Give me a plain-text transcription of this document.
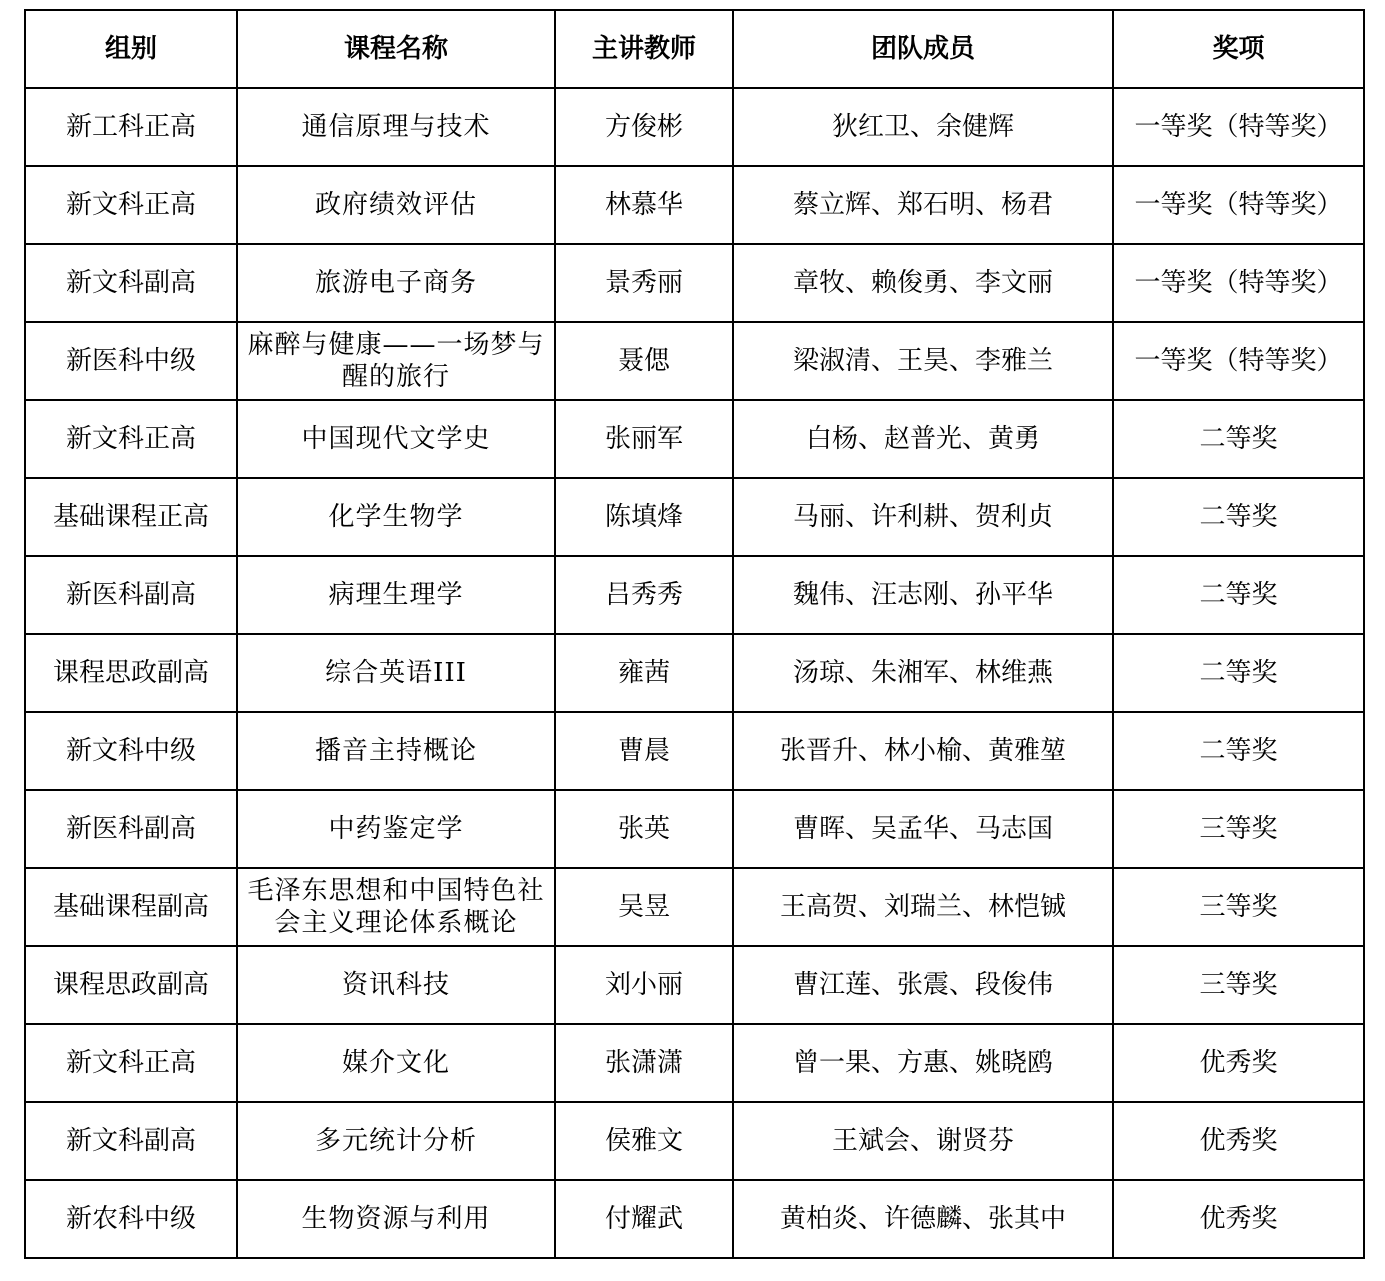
组别	课程名称	主讲教师	团队成员	奖项
新工科正高	通信原理与技术	方俊彬	狄红卫、余健辉	一等奖（特等奖）
新文科正高	政府绩效评估	林慕华	蔡立辉、郑石明、杨君	一等奖（特等奖）
新文科副高	旅游电子商务	景秀丽	章牧、赖俊勇、李文丽	一等奖（特等奖）
新医科中级	麻醉与健康——一场梦与醒的旅行	聂偲	梁淑清、王昊、李雅兰	一等奖（特等奖）
新文科正高	中国现代文学史	张丽军	白杨、赵普光、黄勇	二等奖
基础课程正高	化学生物学	陈填烽	马丽、许利耕、贺利贞	二等奖
新医科副高	病理生理学	吕秀秀	魏伟、汪志刚、孙平华	二等奖
课程思政副高	综合英语III	雍茜	汤琼、朱湘军、林维燕	二等奖
新文科中级	播音主持概论	曹晨	张晋升、林小榆、黄雅堃	二等奖
新医科副高	中药鉴定学	张英	曹晖、吴孟华、马志国	三等奖
基础课程副高	毛泽东思想和中国特色社会主义理论体系概论	吴昱	王高贺、刘瑞兰、林恺铖	三等奖
课程思政副高	资讯科技	刘小丽	曹江莲、张震、段俊伟	三等奖
新文科正高	媒介文化	张潇潇	曾一果、方惠、姚晓鸥	优秀奖
新文科副高	多元统计分析	侯雅文	王斌会、谢贤芬	优秀奖
新农科中级	生物资源与利用	付耀武	黄柏炎、许德麟、张其中	优秀奖
